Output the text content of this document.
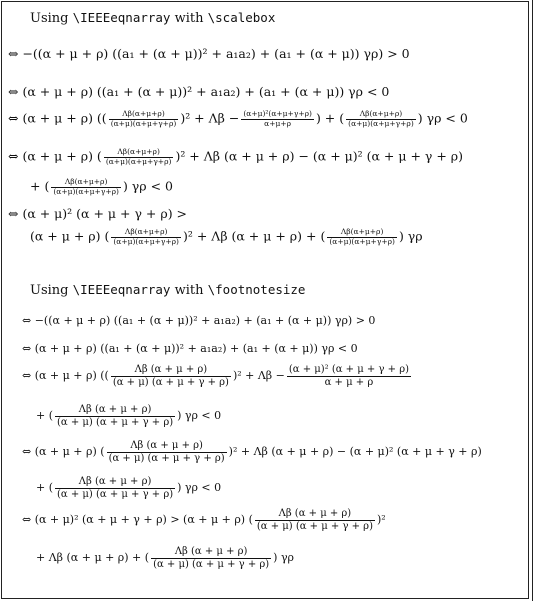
Using \IEEEeqnarray with \scalebox
⇔ −((α + μ + ρ) ((a₁ + (α + μ))² + a₁a₂) + (a₁ + (α + μ)) γρ) > 0
⇔ (α + μ + ρ) ((a₁ + (α + μ))² + a₁a₂) + (a₁ + (α + μ)) γρ < 0
⇔ (α + μ + ρ) (( $\frac{\Lambda\beta(\alpha+\mu+\rho)}{(\alpha+\mu)(\alpha+\mu+\gamma+\rho)} )^2 + \Lambda\beta - \frac{\text{(α+μ)²(α+μ+γ+ρ)}}{\alpha+\mu+\rho}$ ) + ( $\frac{\Lambda\beta(\alpha+\mu+\rho)}{(\alpha+\mu)(\alpha+\mu+\gamma+\rho)}$ ) γρ < 0
⇔ (α + μ + ρ) ( $\frac{\Lambda\beta(\alpha+\mu+\rho)}{(\alpha+\mu)(\alpha+\mu+\gamma+\rho)} )^2 + \Lambda\beta$ (α + μ + ρ) − (α + μ)² (α + μ + γ + ρ)
+ ( $\frac{\Lambda\beta(\alpha+\mu+\rho)}{(\alpha+\mu)(\alpha+\mu+\gamma+\rho)}$ ) γρ < 0
⇔ (α + μ)² (α + μ + γ + ρ) >
(α + μ + ρ) ( $\frac{\Lambda\beta(\alpha+\mu+\rho)}{(\alpha+\mu)(\alpha+\mu+\gamma+\rho)} )^2 + \Lambda\beta$ (α + μ + ρ) + ( $\frac{\Lambda\beta(\alpha+\mu+\rho)}{(\alpha+\mu)(\alpha+\mu+\gamma+\rho)}$ ) γρ
Using \IEEEeqnarray with \footnotesize
⇔ −((α + μ + ρ) ((a₁ + (α + μ))² + a₁a₂) + (a₁ + (α + μ)) γρ) > 0
⇔ (α + μ + ρ) ((a₁ + (α + μ))² + a₁a₂) + (a₁ + (α + μ)) γρ < 0
⇔ (α + μ + ρ) (( $\frac{\Lambda\beta (\alpha + \mu + \rho)}{(\alpha + \mu) (\alpha + \mu + \gamma + \rho)} )^2 + \Lambda\beta - \frac{\text{(α + μ)² (α + μ + γ + ρ)}}{\alpha + \mu + \rho}$
+ ( $\frac{\Lambda\beta (\alpha + \mu + \rho)}{(\alpha + \mu) (\alpha + \mu + \gamma + \rho)}$ ) γρ < 0
⇔ (α + μ + ρ) ( $\frac{\Lambda\beta (\alpha + \mu + \rho)}{(\alpha + \mu) (\alpha + \mu + \gamma + \rho)} )^2 + \Lambda\beta$ (α + μ + ρ) − (α + μ)² (α + μ + γ + ρ)
+ ( $\frac{\Lambda\beta (\alpha + \mu + \rho)}{(\alpha + \mu) (\alpha + \mu + \gamma + \rho)}$ ) γρ < 0
⇔ (α + μ)² (α + μ + γ + ρ) > (α + μ + ρ) ( $\frac{\Lambda\beta (\alpha + \mu + \rho)}{(\alpha + \mu) (\alpha + \mu + \gamma + \rho)} )^2$
+ Λβ (α + μ + ρ) + ( $\frac{\Lambda\beta (\alpha + \mu + \rho)}{(\alpha + \mu) (\alpha + \mu + \gamma + \rho)}$ ) γρ
